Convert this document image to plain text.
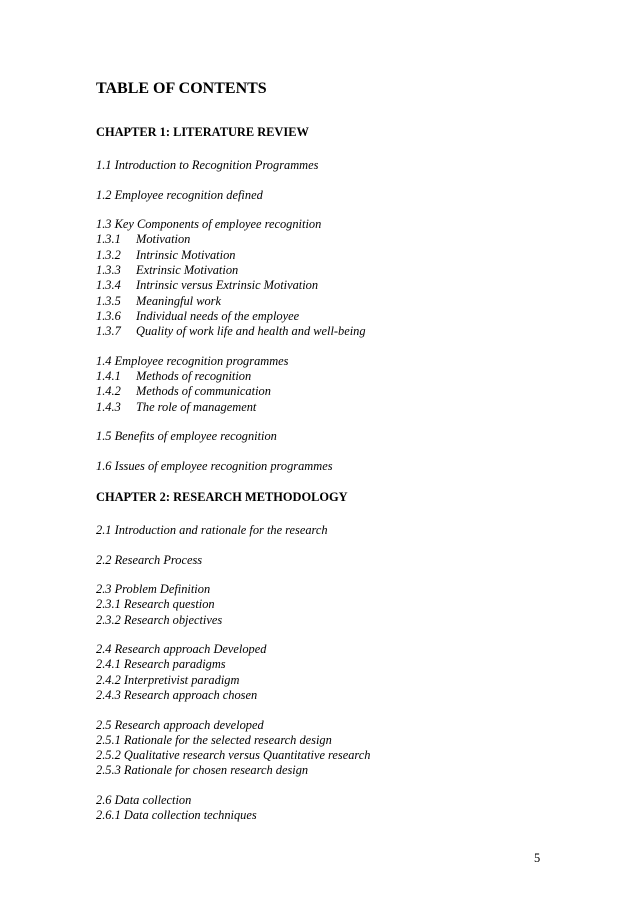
TABLE OF CONTENTS
CHAPTER 1: LITERATURE REVIEW
1.1 Introduction to Recognition Programmes
1.2 Employee recognition defined
1.3 Key Components of employee recognition
1.3.1 Motivation
1.3.2 Intrinsic Motivation
1.3.3 Extrinsic Motivation
1.3.4 Intrinsic versus Extrinsic Motivation
1.3.5 Meaningful work
1.3.6 Individual needs of the employee
1.3.7 Quality of work life and health and well-being
1.4 Employee recognition programmes
1.4.1 Methods of recognition
1.4.2 Methods of communication
1.4.3 The role of management
1.5 Benefits of employee recognition
1.6 Issues of employee recognition programmes
CHAPTER 2: RESEARCH METHODOLOGY
2.1 Introduction and rationale for the research
2.2 Research Process
2.3 Problem Definition
2.3.1 Research question
2.3.2 Research objectives
2.4 Research approach Developed
2.4.1 Research paradigms
2.4.2 Interpretivist paradigm
2.4.3 Research approach chosen
2.5 Research approach developed
2.5.1 Rationale for the selected research design
2.5.2 Qualitative research versus Quantitative research
2.5.3 Rationale for chosen research design
2.6 Data collection
2.6.1 Data collection techniques
5
